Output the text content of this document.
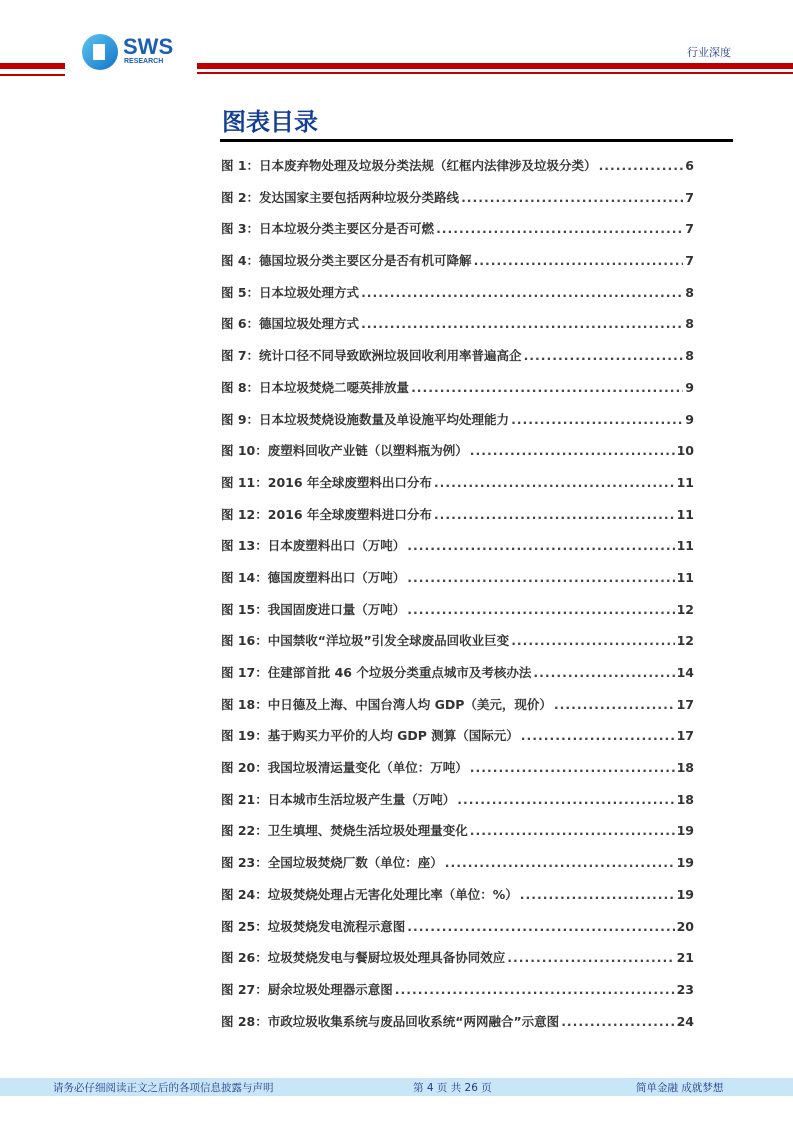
SWS
RESEARCH
行业深度
图表目录
图 1：日本废弃物处理及垃圾分类法规（红框内法律涉及垃圾分类） .....	6
图 2：发达国家主要包括两种垃圾分类路线 .....	7
图 3：日本垃圾分类主要区分是否可燃 .....	7
图 4：德国垃圾分类主要区分是否有机可降解 .....	7
图 5：日本垃圾处理方式 .....	8
图 6：德国垃圾处理方式 .....	8
图 7：统计口径不同导致欧洲垃圾回收利用率普遍高企 .....	8
图 8：日本垃圾焚烧二噁英排放量 .....	9
图 9：日本垃圾焚烧设施数量及单设施平均处理能力 .....	9
图 10：废塑料回收产业链（以塑料瓶为例） .....	10
图 11：2016 年全球废塑料出口分布 .....	11
图 12：2016 年全球废塑料进口分布 .....	11
图 13：日本废塑料出口（万吨） .....	11
图 14：德国废塑料出口（万吨） .....	11
图 15：我国固废进口量（万吨） .....	12
图 16：中国禁收“洋垃圾”引发全球废品回收业巨变 .....	12
图 17：住建部首批 46 个垃圾分类重点城市及考核办法 .....	14
图 18：中日德及上海、中国台湾人均 GDP（美元，现价） .....	17
图 19：基于购买力平价的人均 GDP 测算（国际元） .....	17
图 20：我国垃圾清运量变化（单位：万吨） .....	18
图 21：日本城市生活垃圾产生量（万吨） .....	18
图 22：卫生填埋、焚烧生活垃圾处理量变化 .....	19
图 23：全国垃圾焚烧厂数（单位：座） .....	19
图 24：垃圾焚烧处理占无害化处理比率（单位：%） .....	19
图 25：垃圾焚烧发电流程示意图 .....	20
图 26：垃圾焚烧发电与餐厨垃圾处理具备协同效应 .....	21
图 27：厨余垃圾处理器示意图 .....	23
图 28：市政垃圾收集系统与废品回收系统“两网融合”示意图 .....	24
请务必仔细阅读正文之后的各项信息披露与声明	第 4 页 共 26 页	简单金融 成就梦想
